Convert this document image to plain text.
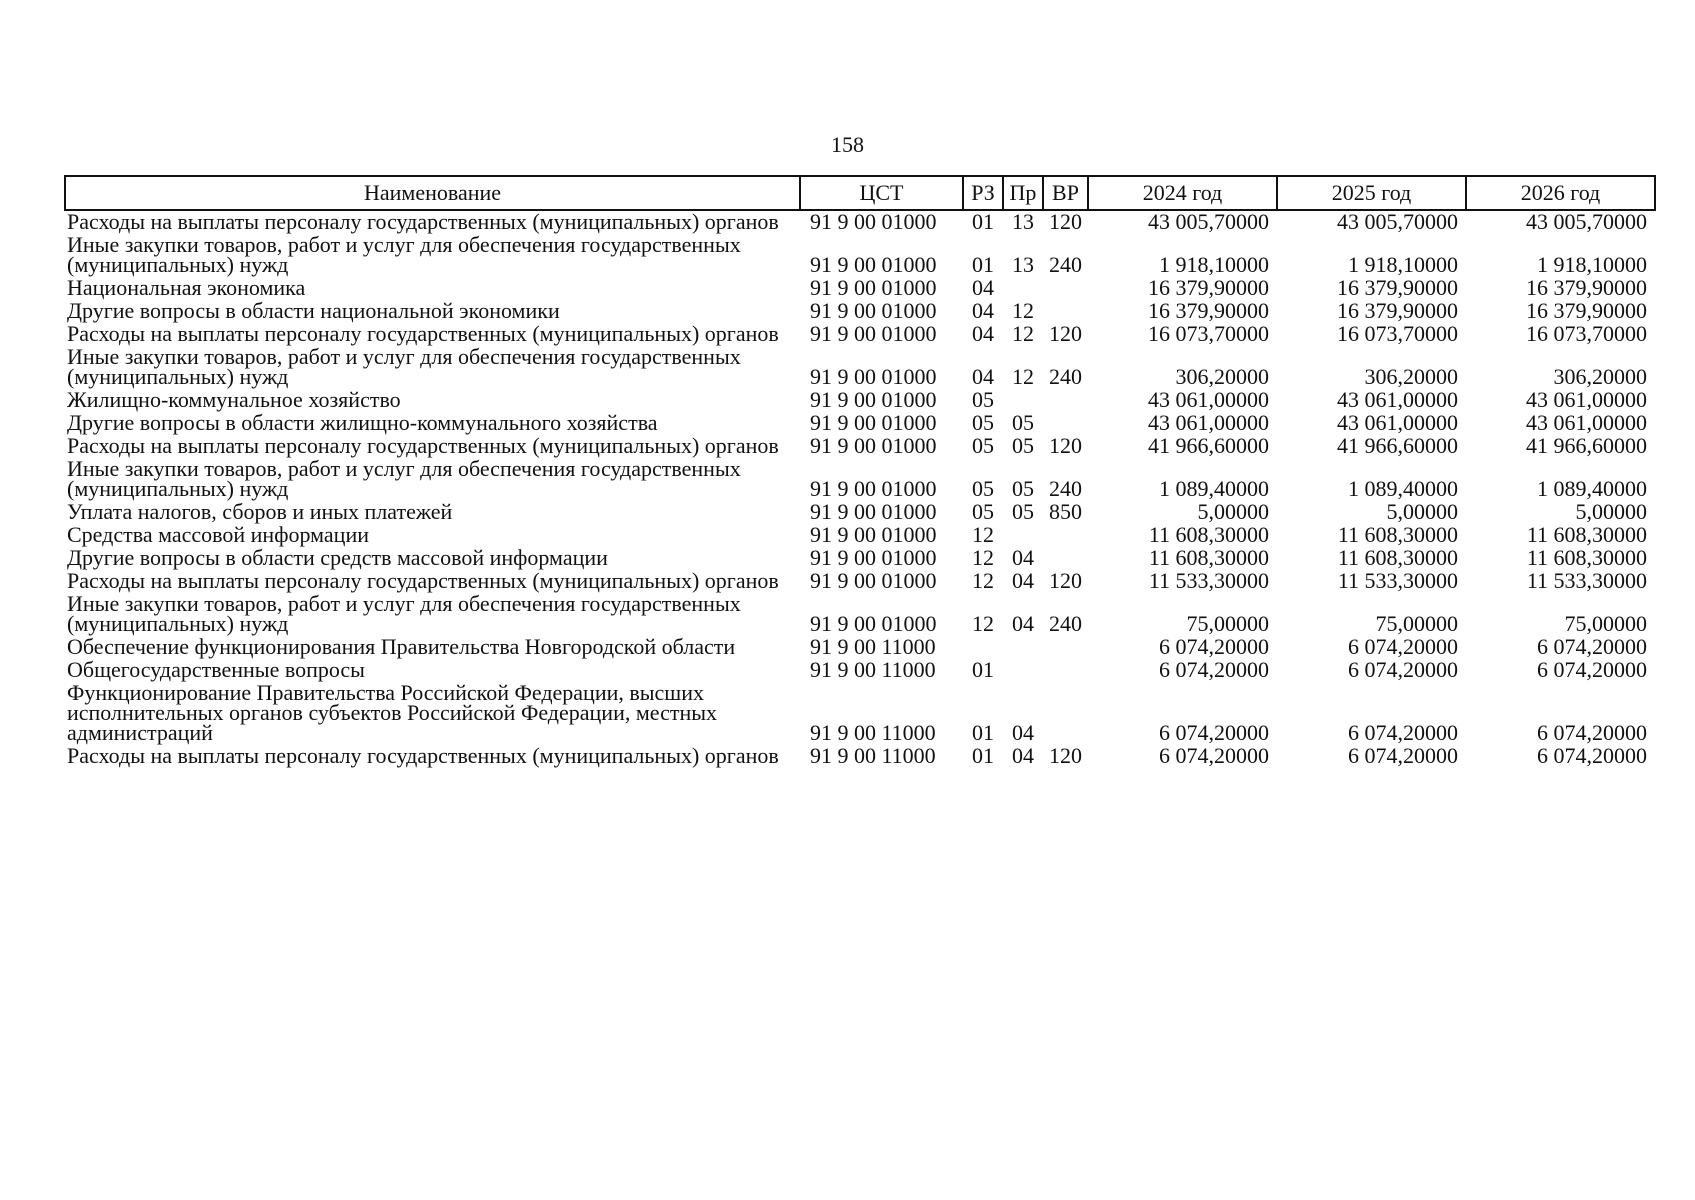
158
Наименование	ЦСТ	РЗ	Пр	ВР	2024 год	2025 год	2026 год
Расходы на выплаты персоналу государственных (муниципальных) органов	91 9 00 01000	01	13	120	43 005,70000	43 005,70000	43 005,70000
Иные закупки товаров, работ и услуг для обеспечения государственных (муниципальных) нужд	91 9 00 01000	01	13	240	1 918,10000	1 918,10000	1 918,10000
Национальная экономика	91 9 00 01000	04			16 379,90000	16 379,90000	16 379,90000
Другие вопросы в области национальной экономики	91 9 00 01000	04	12		16 379,90000	16 379,90000	16 379,90000
Расходы на выплаты персоналу государственных (муниципальных) органов	91 9 00 01000	04	12	120	16 073,70000	16 073,70000	16 073,70000
Иные закупки товаров, работ и услуг для обеспечения государственных (муниципальных) нужд	91 9 00 01000	04	12	240	306,20000	306,20000	306,20000
Жилищно-коммунальное хозяйство	91 9 00 01000	05			43 061,00000	43 061,00000	43 061,00000
Другие вопросы в области жилищно-коммунального хозяйства	91 9 00 01000	05	05		43 061,00000	43 061,00000	43 061,00000
Расходы на выплаты персоналу государственных (муниципальных) органов	91 9 00 01000	05	05	120	41 966,60000	41 966,60000	41 966,60000
Иные закупки товаров, работ и услуг для обеспечения государственных (муниципальных) нужд	91 9 00 01000	05	05	240	1 089,40000	1 089,40000	1 089,40000
Уплата налогов, сборов и иных платежей	91 9 00 01000	05	05	850	5,00000	5,00000	5,00000
Средства массовой информации	91 9 00 01000	12			11 608,30000	11 608,30000	11 608,30000
Другие вопросы в области средств массовой информации	91 9 00 01000	12	04		11 608,30000	11 608,30000	11 608,30000
Расходы на выплаты персоналу государственных (муниципальных) органов	91 9 00 01000	12	04	120	11 533,30000	11 533,30000	11 533,30000
Иные закупки товаров, работ и услуг для обеспечения государственных (муниципальных) нужд	91 9 00 01000	12	04	240	75,00000	75,00000	75,00000
Обеспечение функционирования Правительства Новгородской области	91 9 00 11000				6 074,20000	6 074,20000	6 074,20000
Общегосударственные вопросы	91 9 00 11000	01			6 074,20000	6 074,20000	6 074,20000
Функционирование Правительства Российской Федерации, высших исполнительных органов субъектов Российской Федерации, местных администраций	91 9 00 11000	01	04		6 074,20000	6 074,20000	6 074,20000
Расходы на выплаты персоналу государственных (муниципальных) органов	91 9 00 11000	01	04	120	6 074,20000	6 074,20000	6 074,20000
